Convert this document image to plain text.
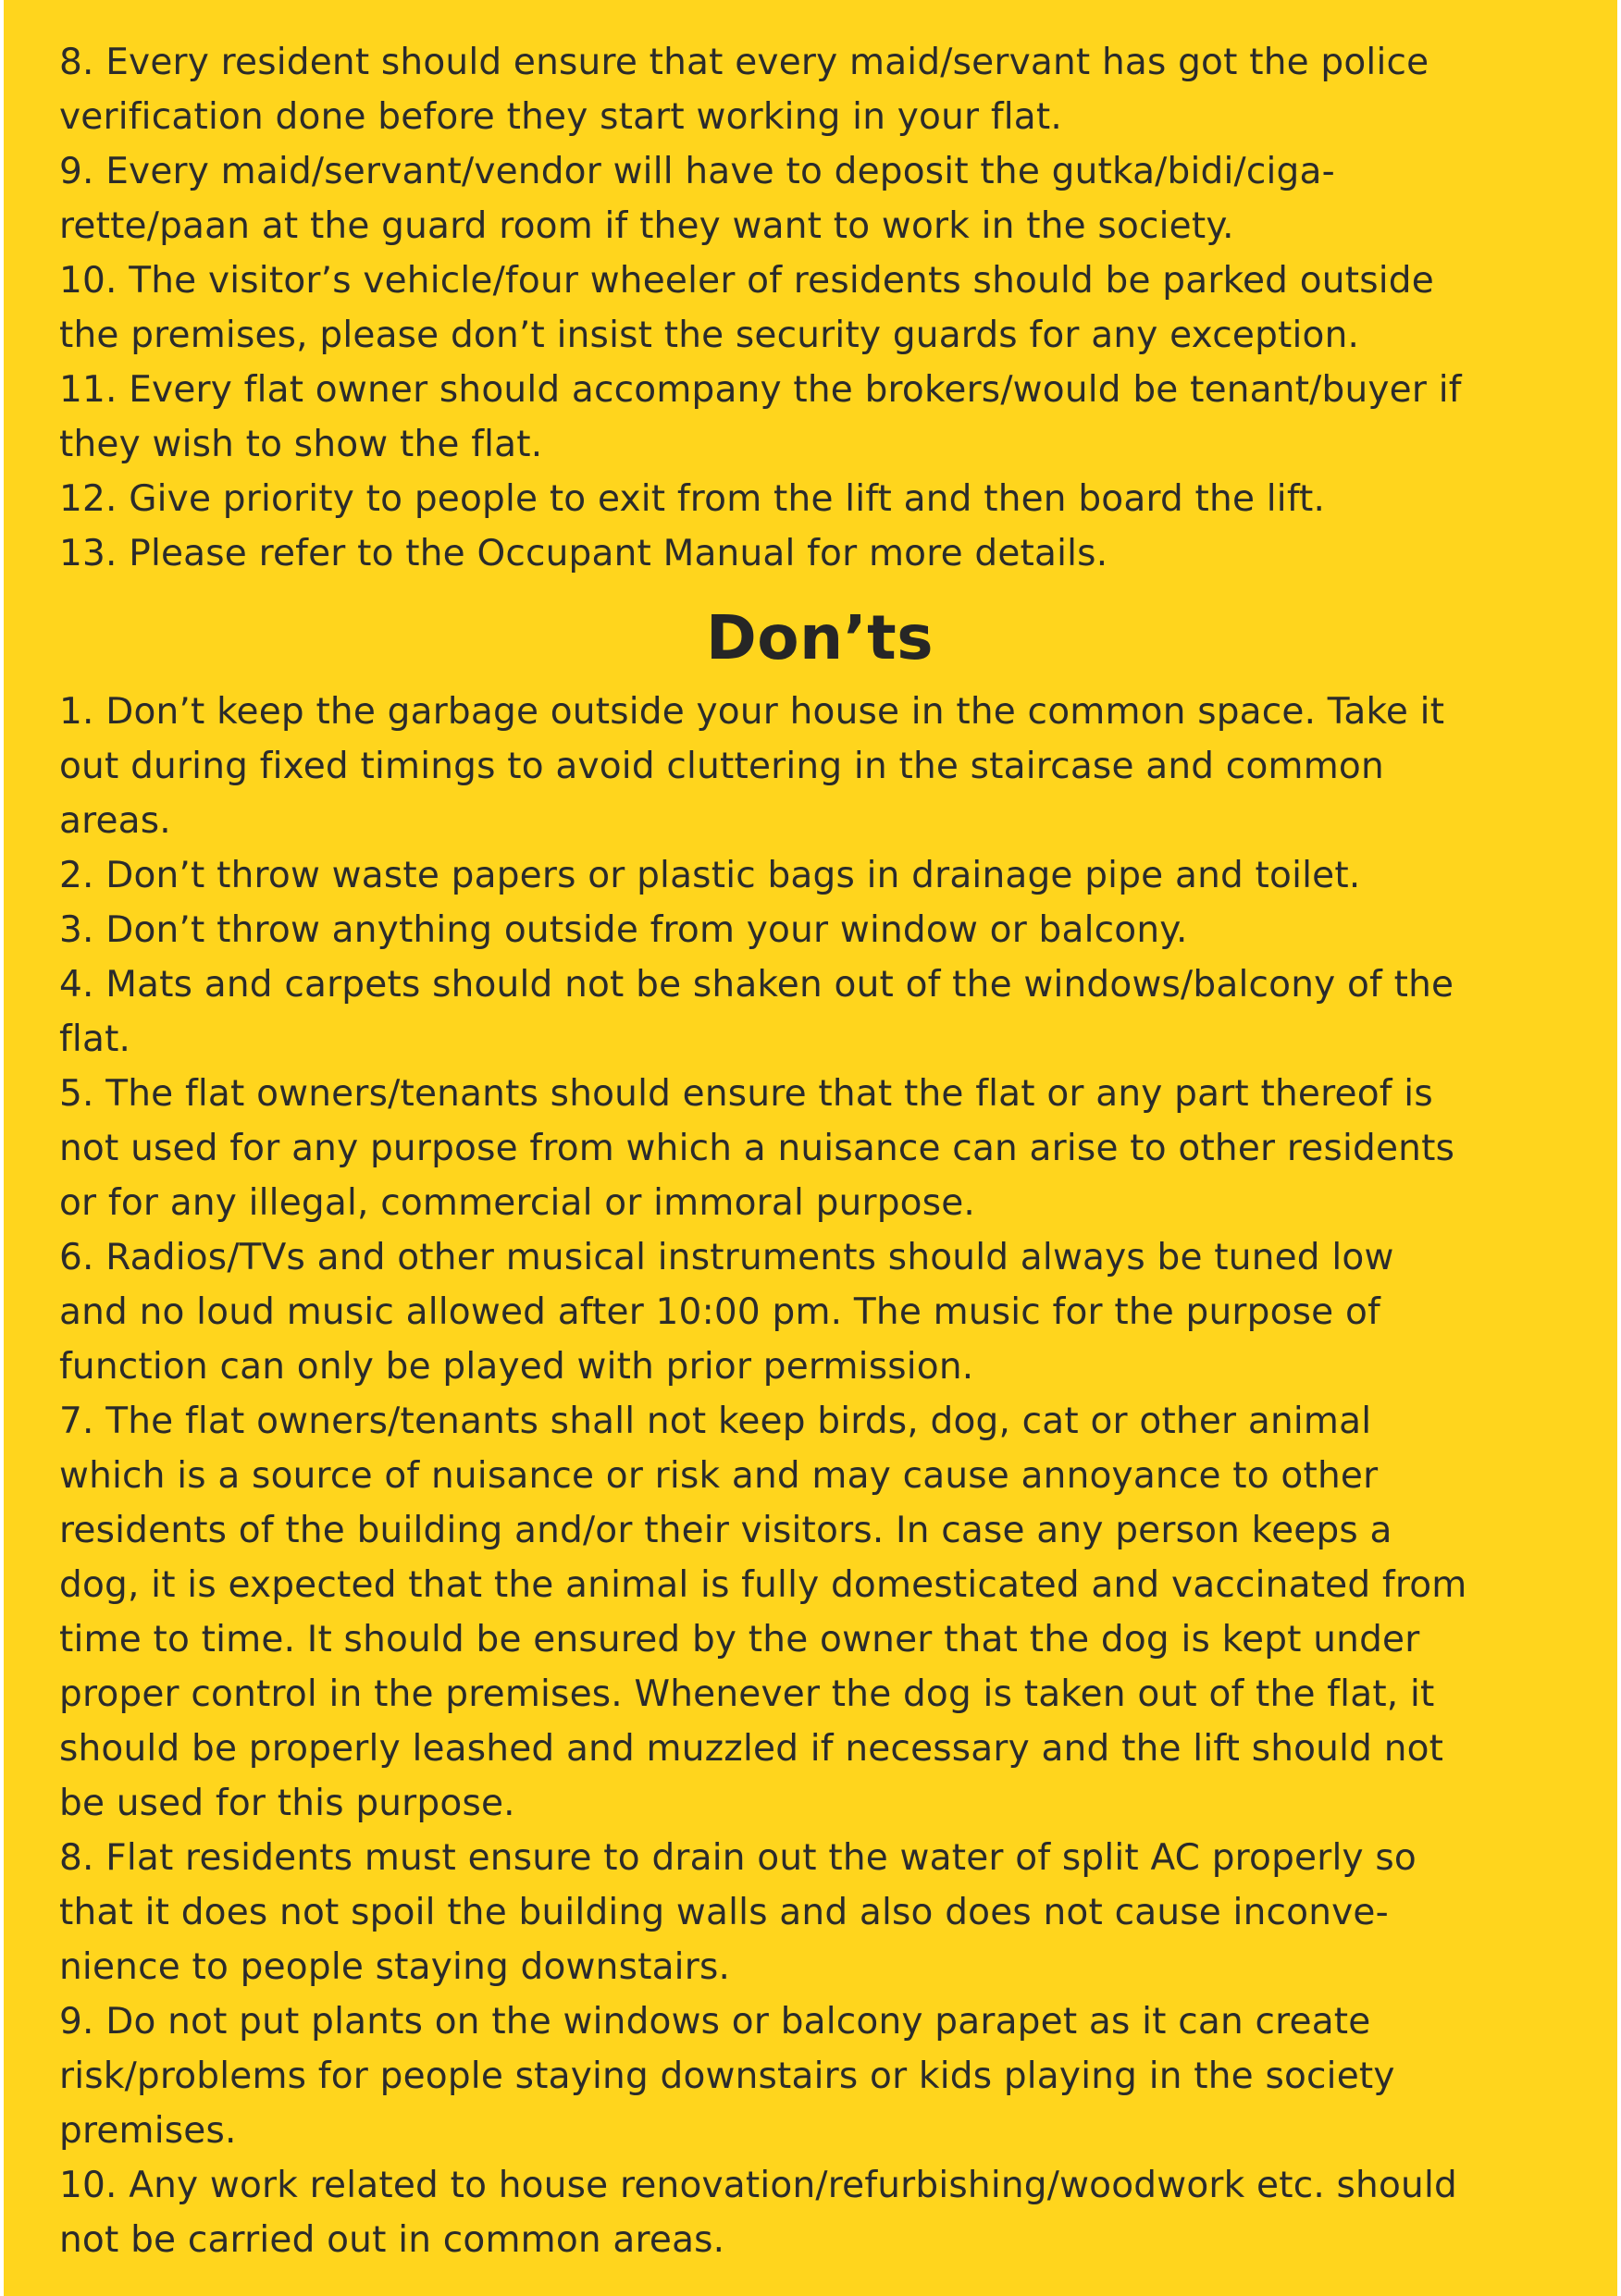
8. Every resident should ensure that every maid/servant has got the police
verification done before they start working in your flat.
9. Every maid/servant/vendor will have to deposit the gutka/bidi/ciga-
rette/paan at the guard room if they want to work in the society.
10. The visitor’s vehicle/four wheeler of residents should be parked outside
the premises, please don’t insist the security guards for any exception.
11. Every flat owner should accompany the brokers/would be tenant/buyer if
they wish to show the flat.
12. Give priority to people to exit from the lift and then board the lift.
13. Please refer to the Occupant Manual for more details.
Don’ts
1. Don’t keep the garbage outside your house in the common space. Take it
out during fixed timings to avoid cluttering in the staircase and common
areas.
2. Don’t throw waste papers or plastic bags in drainage pipe and toilet.
3. Don’t throw anything outside from your window or balcony.
4. Mats and carpets should not be shaken out of the windows/balcony of the
flat.
5. The flat owners/tenants should ensure that the flat or any part thereof is
not used for any purpose from which a nuisance can arise to other residents
or for any illegal, commercial or immoral purpose.
6. Radios/TVs and other musical instruments should always be tuned low
and no loud music allowed after 10:00 pm. The music for the purpose of
function can only be played with prior permission.
7. The flat owners/tenants shall not keep birds, dog, cat or other animal
which is a source of nuisance or risk and may cause annoyance to other
residents of the building and/or their visitors. In case any person keeps a
dog, it is expected that the animal is fully domesticated and vaccinated from
time to time. It should be ensured by the owner that the dog is kept under
proper control in the premises. Whenever the dog is taken out of the flat, it
should be properly leashed and muzzled if necessary and the lift should not
be used for this purpose.
8. Flat residents must ensure to drain out the water of split AC properly so
that it does not spoil the building walls and also does not cause inconve-
nience to people staying downstairs.
9. Do not put plants on the windows or balcony parapet as it can create
risk/problems for people staying downstairs or kids playing in the society
premises.
10. Any work related to house renovation/refurbishing/woodwork etc. should
not be carried out in common areas.
